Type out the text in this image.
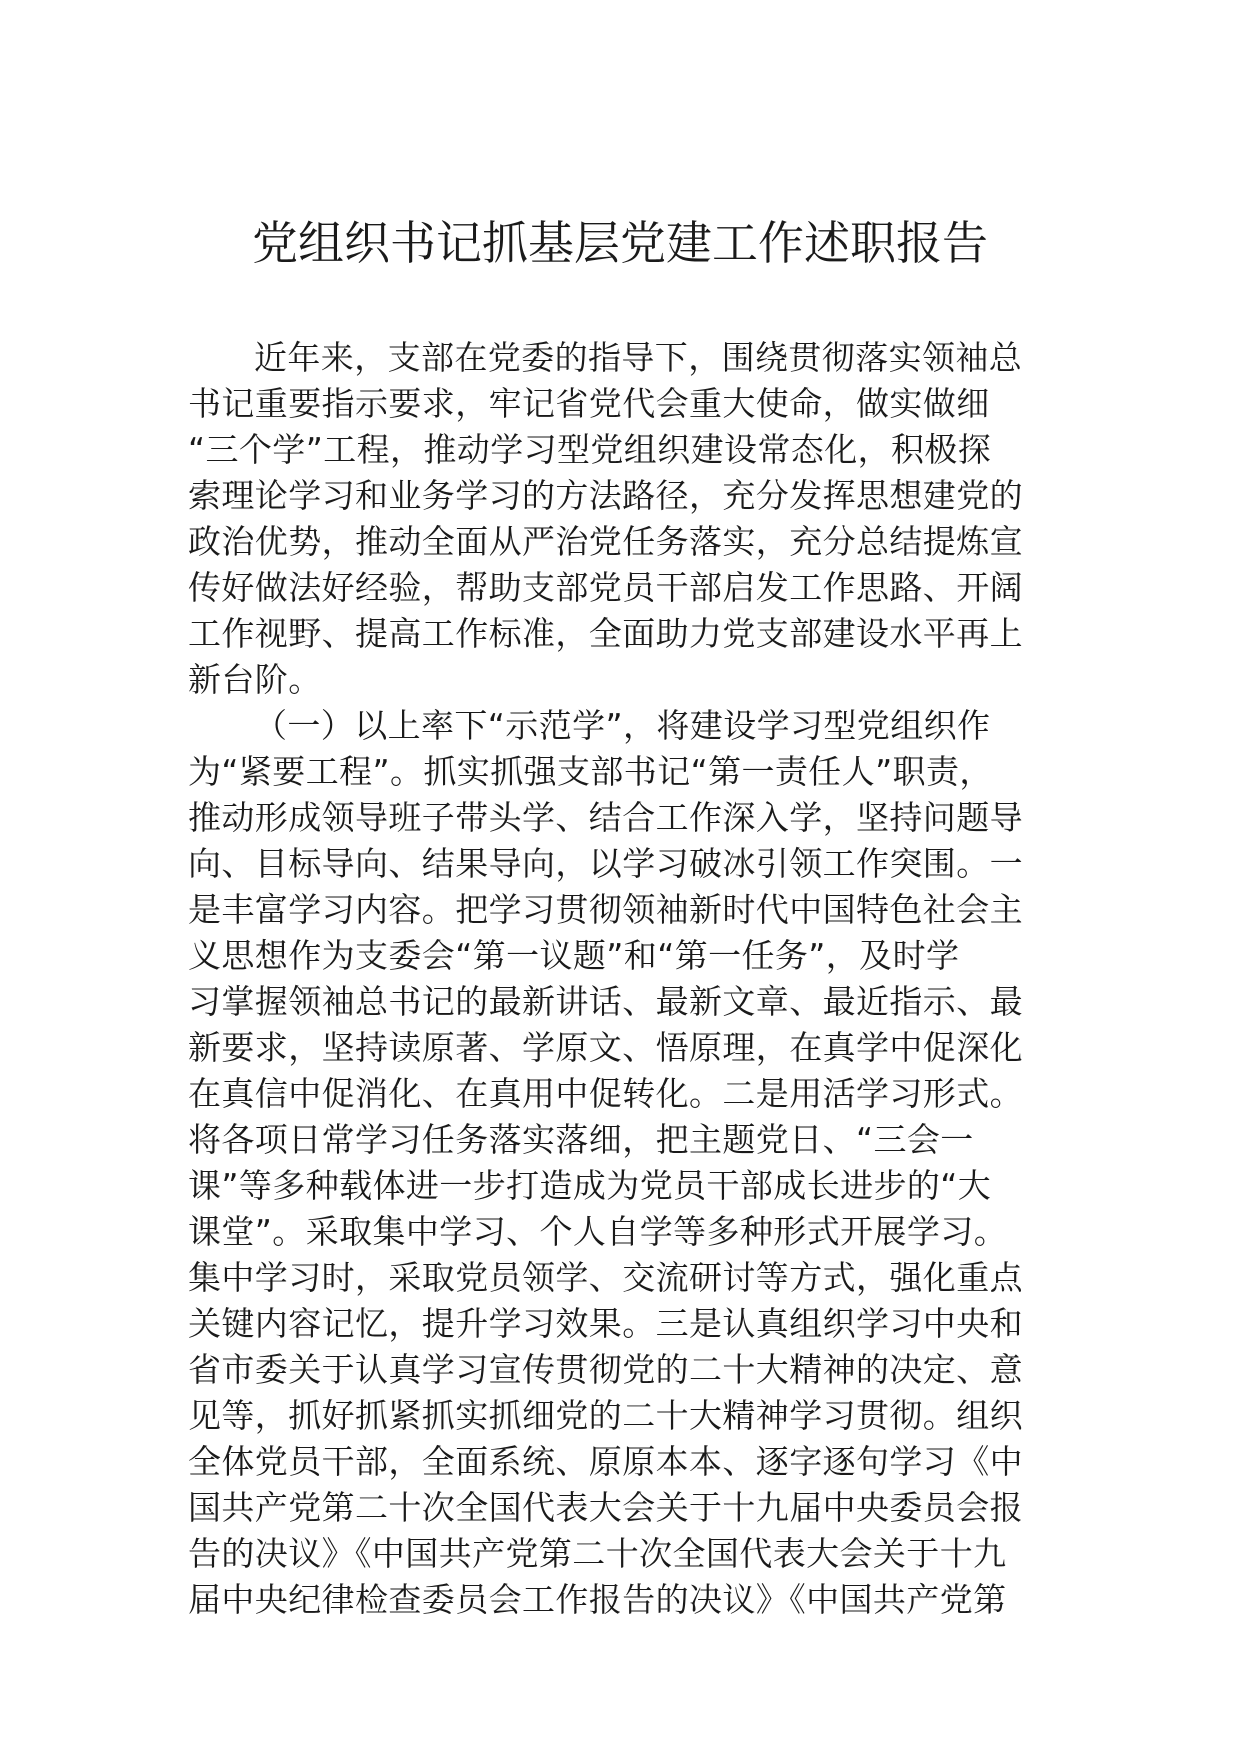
党组织书记抓基层党建工作述职报告
近年来，支部在党委的指导下，围绕贯彻落实领袖总
书记重要指示要求，牢记省党代会重大使命，做实做细
“三个学”工程，推动学习型党组织建设常态化，积极探
索理论学习和业务学习的方法路径，充分发挥思想建党的
政治优势，推动全面从严治党任务落实，充分总结提炼宣
传好做法好经验，帮助支部党员干部启发工作思路、开阔
工作视野、提高工作标准，全面助力党支部建设水平再上
新台阶。
（一）以上率下“示范学”，将建设学习型党组织作
为“紧要工程”。抓实抓强支部书记“第一责任人”职责，
推动形成领导班子带头学、结合工作深入学，坚持问题导
向、目标导向、结果导向，以学习破冰引领工作突围。一
是丰富学习内容。把学习贯彻领袖新时代中国特色社会主
义思想作为支委会“第一议题”和“第一任务”，及时学
习掌握领袖总书记的最新讲话、最新文章、最近指示、最
新要求，坚持读原著、学原文、悟原理，在真学中促深化
在真信中促消化、在真用中促转化。二是用活学习形式。
将各项日常学习任务落实落细，把主题党日、“三会一
课”等多种载体进一步打造成为党员干部成长进步的“大
课堂”。采取集中学习、个人自学等多种形式开展学习。
集中学习时，采取党员领学、交流研讨等方式，强化重点
关键内容记忆，提升学习效果。三是认真组织学习中央和
省市委关于认真学习宣传贯彻党的二十大精神的决定、意
见等，抓好抓紧抓实抓细党的二十大精神学习贯彻。组织
全体党员干部，全面系统、原原本本、逐字逐句学习《中
国共产党第二十次全国代表大会关于十九届中央委员会报
告的决议》《中国共产党第二十次全国代表大会关于十九
届中央纪律检查委员会工作报告的决议》《中国共产党第
